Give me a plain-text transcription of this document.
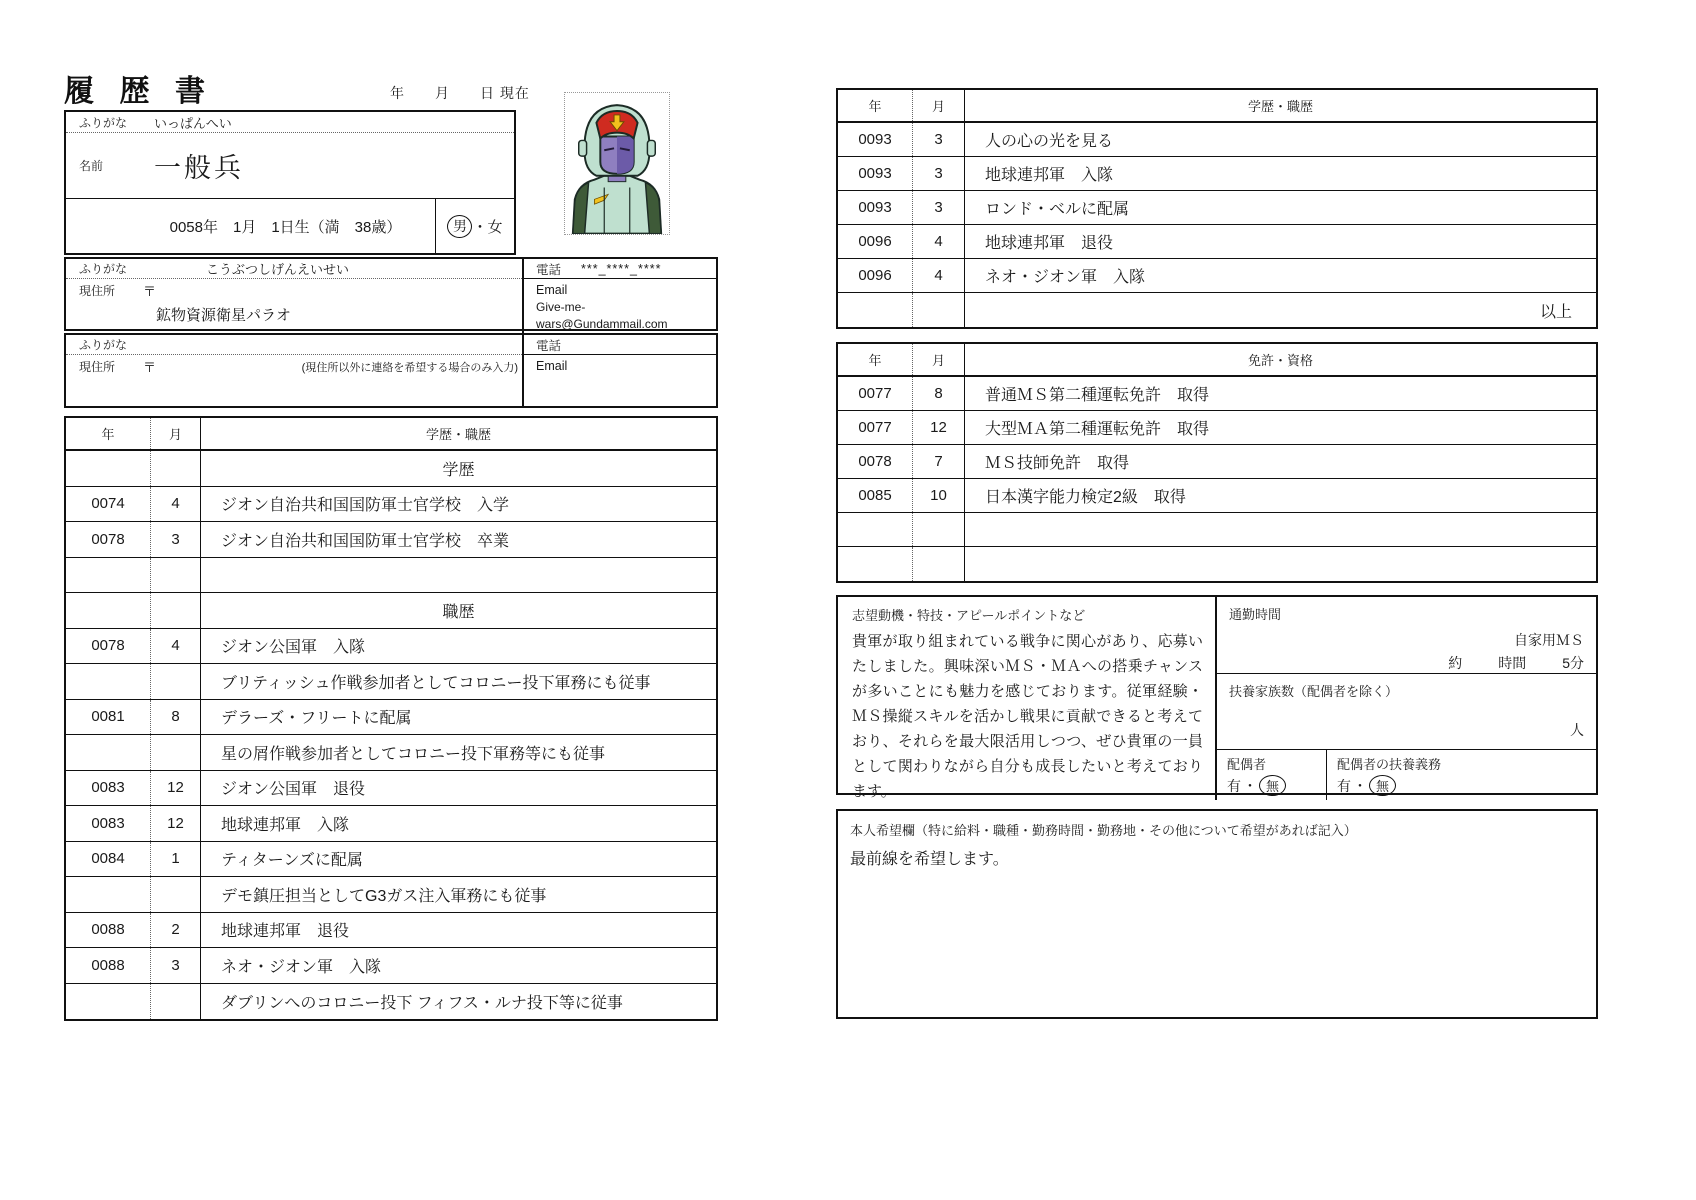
履歴書	年　　月　　日 現在
ふりがな	いっぱんへい
名前	一般兵
0058年　1月　1日生（満　38歳）	男 ・ 女
ふりがな	こうぶつしげんえいせい
現住所	〒
鉱物資源衛星パラオ
電話 ***_****_****
Email
Give-me-wars@Gundammail.com
ふりがな
現住所	〒	(現住所以外に連絡を希望する場合のみ入力)
電話
Email

年	月	学歴・職歴
学歴
0074	4	ジオン自治共和国国防軍士官学校　入学
0078	3	ジオン自治共和国国防軍士官学校　卒業
職歴
0078	4	ジオン公国軍　入隊
ブリティッシュ作戦参加者としてコロニー投下軍務にも従事
0081	8	デラーズ・フリートに配属
星の屑作戦参加者としてコロニー投下軍務等にも従事
0083	12	ジオン公国軍　退役
0083	12	地球連邦軍　入隊
0084	1	ティターンズに配属
デモ鎮圧担当としてG3ガス注入軍務にも従事
0088	2	地球連邦軍　退役
0088	3	ネオ・ジオン軍　入隊
ダブリンへのコロニー投下 フィフス・ルナ投下等に従事
年	月	学歴・職歴
0093	3	人の心の光を見る
0093	3	地球連邦軍　入隊
0093	3	ロンド・ベルに配属
0096	4	地球連邦軍　退役
0096	4	ネオ・ジオン軍　入隊
以上
年	月	免許・資格
0077	8	普通ＭＳ第二種運転免許　取得
0077	12	大型ＭＡ第二種運転免許　取得
0078	7	ＭＳ技師免許　取得
0085	10	日本漢字能力検定2級　取得
志望動機・特技・アピールポイントなど
貴軍が取り組まれている戦争に関心があり、応募いたしました。興味深いＭＳ・ＭＡへの搭乗チャンスが多いことにも魅力を感じております。従軍経験・ＭＳ操縦スキルを活かし戦果に貢献できると考えており、それらを最大限活用しつつ、ぜひ貴軍の一員として関わりながら自分も成長したいと考えております。
通勤時間
自家用ＭＳ
約	時間	5分
扶養家族数（配偶者を除く）
人
配偶者
有 ・ 無
配偶者の扶養義務
有 ・ 無
本人希望欄（特に給料・職種・勤務時間・勤務地・その他について希望があれば記入）
最前線を希望します。
